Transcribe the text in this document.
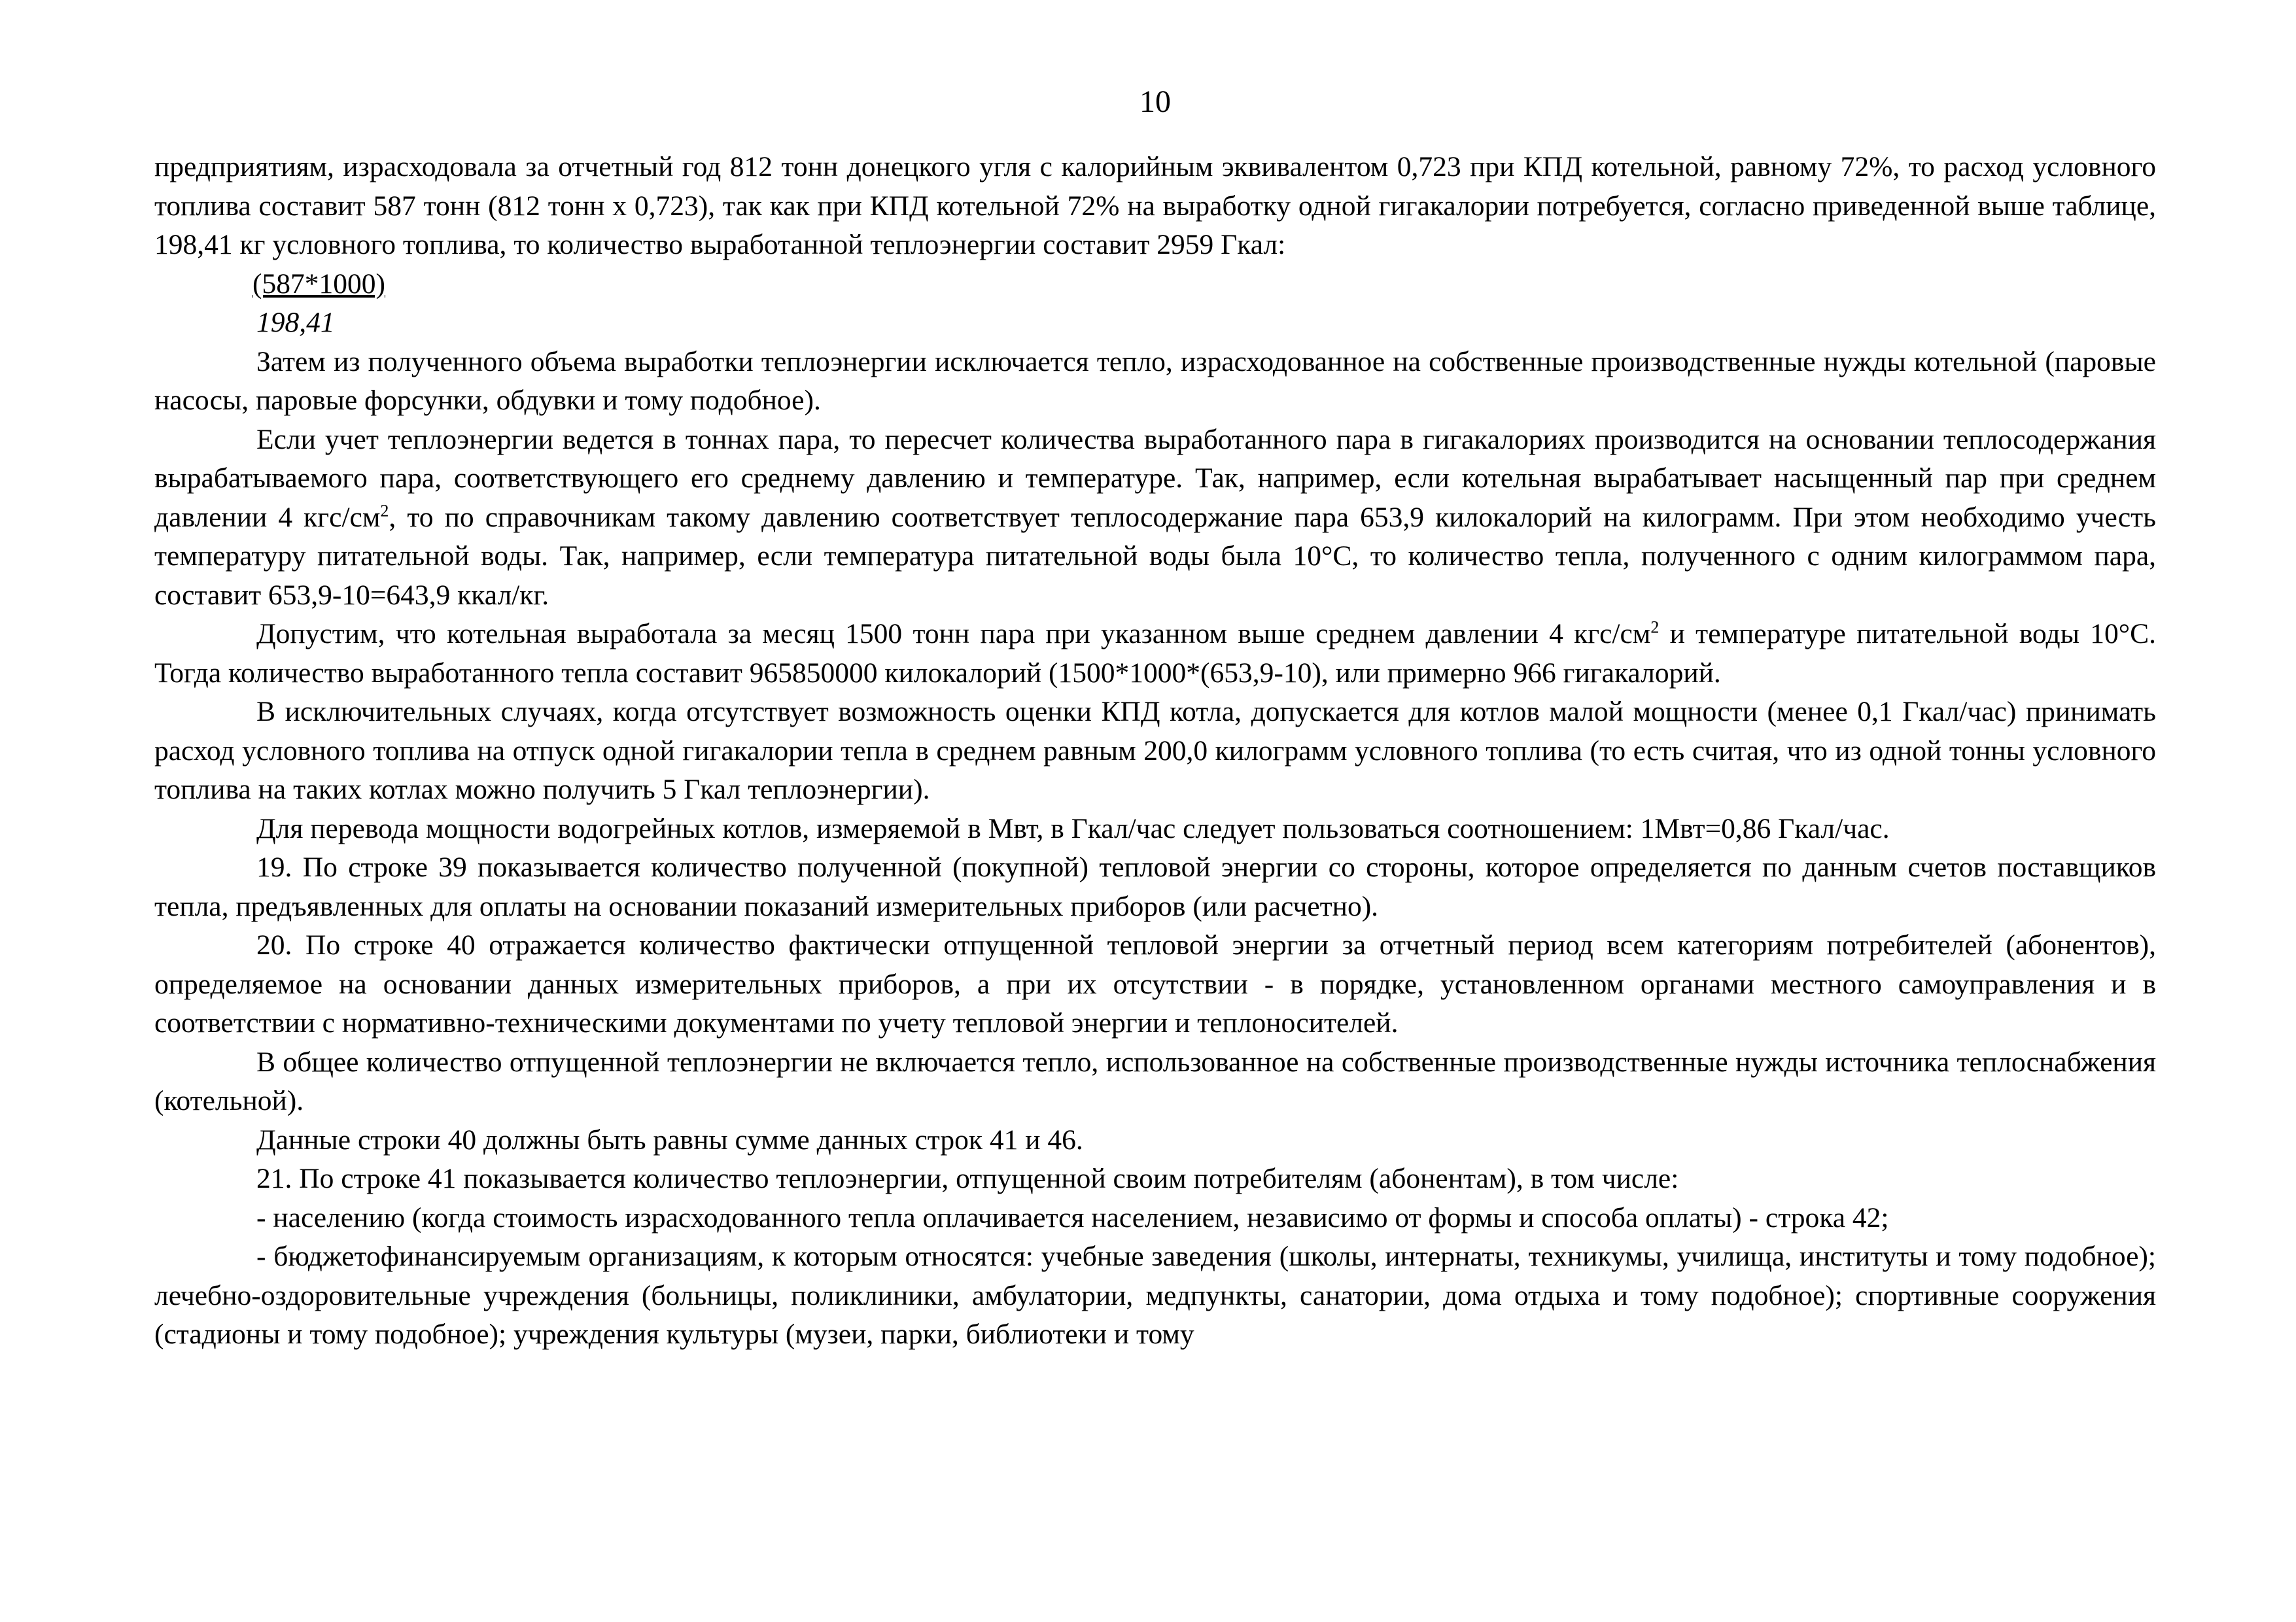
10

предприятиям, израсходовала за отчетный год 812 тонн донецкого угля с калорийным эквивалентом 0,723 при КПД котельной, равному 72%, то расход условного топлива составит 587 тонн (812 тонн х 0,723), так как при КПД котельной 72% на выработку одной гигакалории потребуется, согласно приведенной выше таблице, 198,41 кг условного топлива, то количество выработанной теплоэнергии составит 2959 Гкал:

(587*1000)
198,41

Затем из полученного объема выработки теплоэнергии исключается тепло, израсходованное на собственные производственные нужды котельной (паровые насосы, паровые форсунки, обдувки и тому подобное).

Если учет теплоэнергии ведется в тоннах пара, то пересчет количества выработанного пара в гигакалориях производится на основании теплосодержания вырабатываемого пара, соответствующего его среднему давлению и температуре. Так, например, если котельная вырабатывает насыщенный пар при среднем давлении 4 кгс/$см^2$, то по справочникам такому давлению соответствует теплосодержание пара 653,9 килокалорий на килограмм. При этом необходимо учесть температуру питательной воды. Так, например, если температура питательной воды была 10°С, то количество тепла, полученного с одним килограммом пара, составит 653,9-10=643,9 ккал/кг.

Допустим, что котельная выработала за месяц 1500 тонн пара при указанном выше среднем давлении 4 кгс/$см^2$ и температуре питательной воды 10°С. Тогда количество выработанного тепла составит 965850000 килокалорий (1500*1000*(653,9-10), или примерно 966 гигакалорий.

В исключительных случаях, когда отсутствует возможность оценки КПД котла, допускается для котлов малой мощности (менее 0,1 Гкал/час) принимать расход условного топлива на отпуск одной гигакалории тепла в среднем равным 200,0 килограмм условного топлива (то есть считая, что из одной тонны условного топлива на таких котлах можно получить 5 Гкал теплоэнергии).

Для перевода мощности водогрейных котлов, измеряемой в Мвт, в Гкал/час следует пользоваться соотношением: 1Мвт=0,86 Гкал/час.

19. По строке 39 показывается количество полученной (покупной) тепловой энергии со стороны, которое определяется по данным счетов поставщиков тепла, предъявленных для оплаты на основании показаний измерительных приборов (или расчетно).

20. По строке 40 отражается количество фактически отпущенной тепловой энергии за отчетный период всем категориям потребителей (абонентов), определяемое на основании данных измерительных приборов, а при их отсутствии - в порядке, установленном органами местного самоуправления и в соответствии с нормативно-техническими документами по учету тепловой энергии и теплоносителей.

В общее количество отпущенной теплоэнергии не включается тепло, использованное на собственные производственные нужды источника теплоснабжения (котельной).

Данные строки 40 должны быть равны сумме данных строк 41 и 46.

21. По строке 41 показывается количество теплоэнергии, отпущенной своим потребителям (абонентам), в том числе:

- населению (когда стоимость израсходованного тепла оплачивается населением, независимо от формы и способа оплаты) - строка 42;

- бюджетофинансируемым организациям, к которым относятся: учебные заведения (школы, интернаты, техникумы, училища, институты и тому подобное); лечебно-оздоровительные учреждения (больницы, поликлиники, амбулатории, медпункты, санатории, дома отдыха и тому подобное); спортивные сооружения (стадионы и тому подобное); учреждения культуры (музеи, парки, библиотеки и тому
